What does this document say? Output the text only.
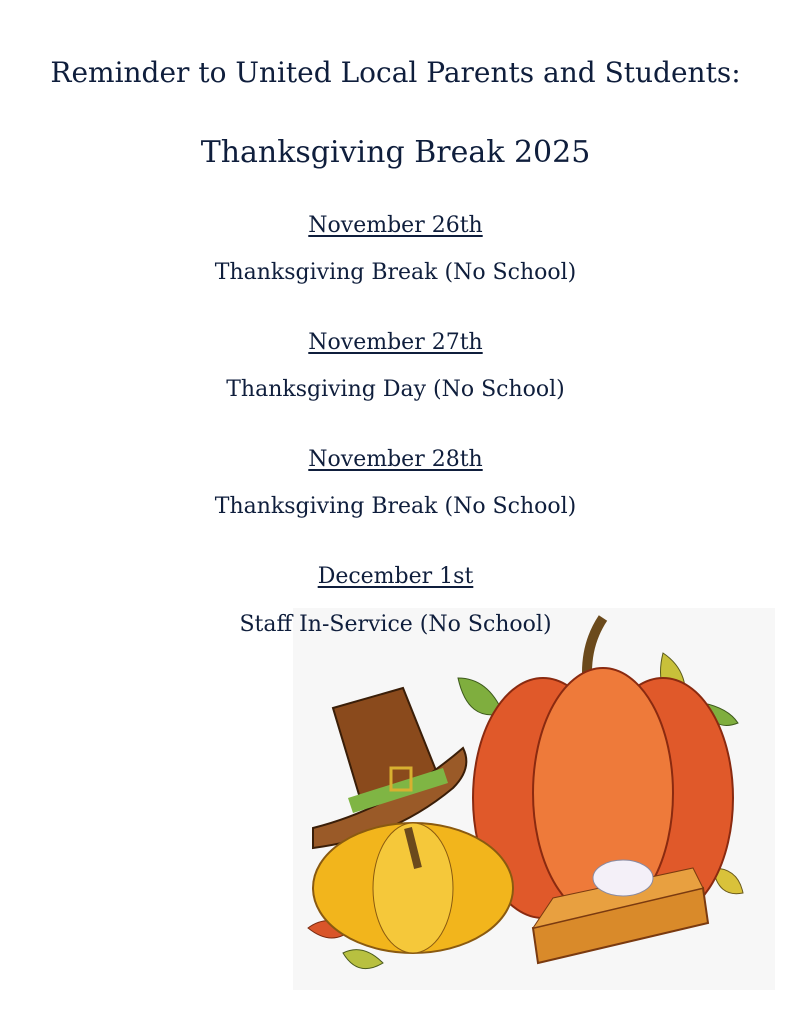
Reminder to United Local Parents and Students:
Thanksgiving Break 2025
November 26th
Thanksgiving Break (No School)
November 27th
Thanksgiving Day (No School)
November 28th
Thanksgiving Break (No School)
December 1st
Staff In-Service (No School)
